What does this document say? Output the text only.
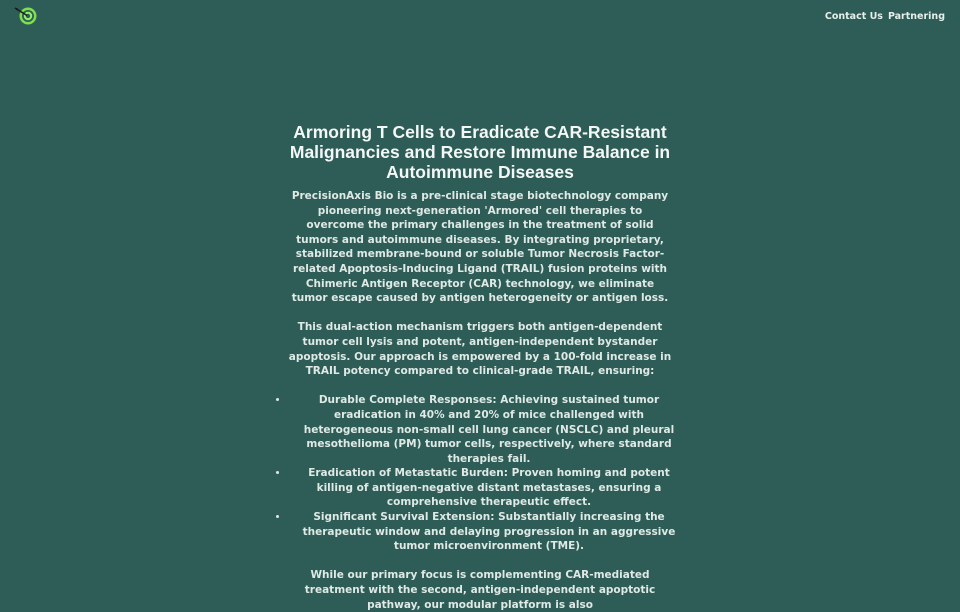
Contact Us Partnering
Armoring T Cells to Eradicate CAR-Resistant Malignancies and Restore Immune Balance in Autoimmune Diseases

PrecisionAxis Bio is a pre-clinical stage biotechnology company pioneering next-generation 'Armored' cell therapies to overcome the primary challenges in the treatment of solid tumors and autoimmune diseases. By integrating proprietary, stabilized membrane-bound or soluble Tumor Necrosis Factor-related Apoptosis-Inducing Ligand (TRAIL) fusion proteins with Chimeric Antigen Receptor (CAR) technology, we eliminate tumor escape caused by antigen heterogeneity or antigen loss.

This dual-action mechanism triggers both antigen-dependent tumor cell lysis and potent, antigen-independent bystander apoptosis. Our approach is empowered by a 100-fold increase in TRAIL potency compared to clinical-grade TRAIL, ensuring:

• Durable Complete Responses: Achieving sustained tumor eradication in 40% and 20% of mice challenged with heterogeneous non-small cell lung cancer (NSCLC) and pleural mesothelioma (PM) tumor cells, respectively, where standard therapies fail.
• Eradication of Metastatic Burden: Proven homing and potent killing of antigen-negative distant metastases, ensuring a comprehensive therapeutic effect.
• Significant Survival Extension: Substantially increasing the therapeutic window and delaying progression in an aggressive tumor microenvironment (TME).

While our primary focus is complementing CAR-mediated treatment with the second, antigen-independent apoptotic pathway, our modular platform is also
